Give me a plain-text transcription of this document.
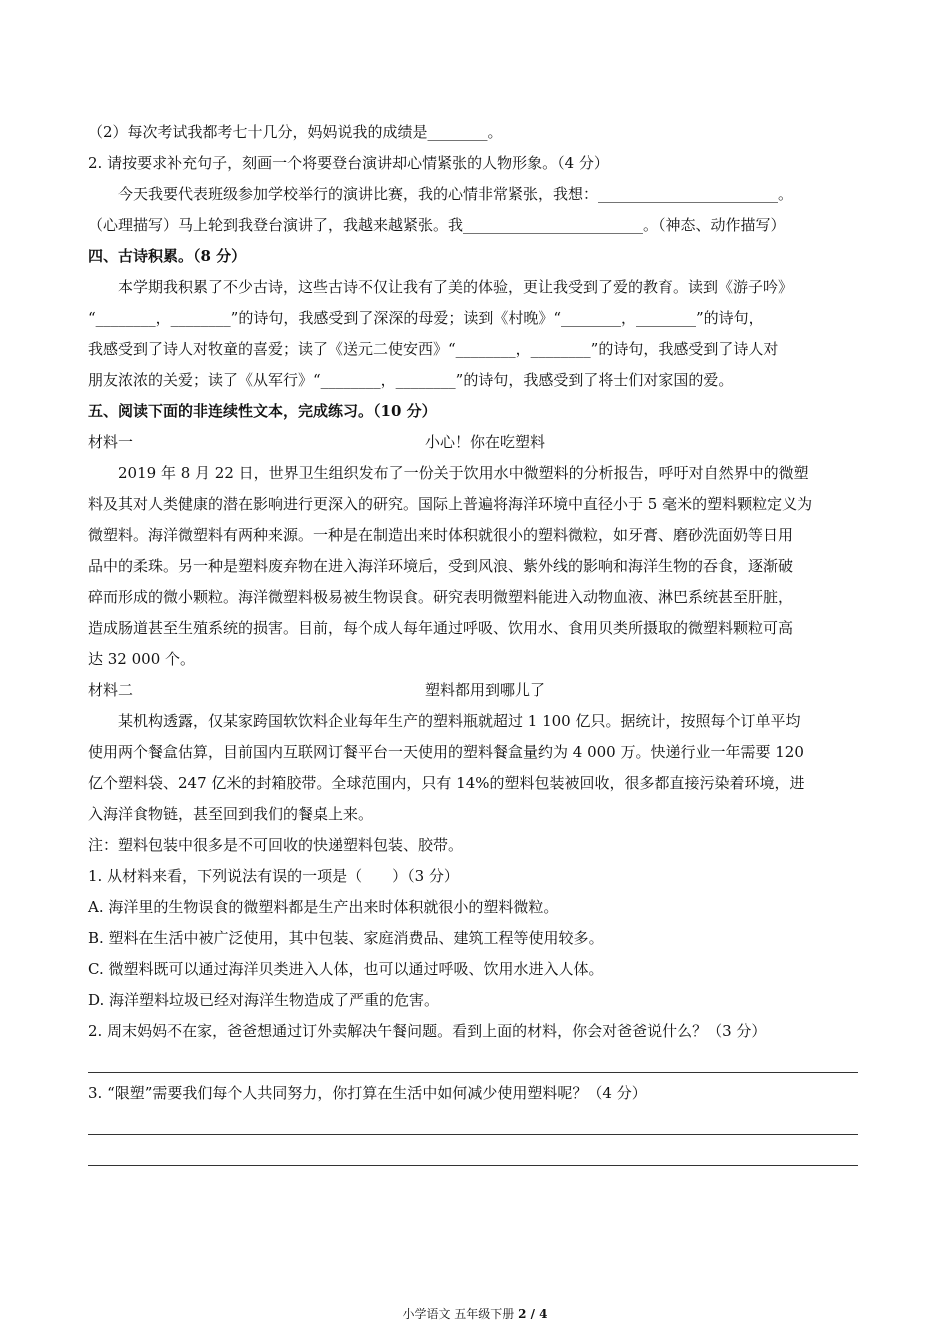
（2）每次考试我都考七十几分，妈妈说我的成绩是________。
2. 请按要求补充句子，刻画一个将要登台演讲却心情紧张的人物形象。（4 分）
今天我要代表班级参加学校举行的演讲比赛，我的心情非常紧张，我想：________________________。
（心理描写）马上轮到我登台演讲了，我越来越紧张。我________________________。（神态、动作描写）
四、古诗积累。（8 分）
本学期我积累了不少古诗，这些古诗不仅让我有了美的体验，更让我受到了爱的教育。读到《游子吟》
“________，________”的诗句，我感受到了深深的母爱；读到《村晚》“________，________”的诗句，
我感受到了诗人对牧童的喜爱；读了《送元二使安西》“________，________”的诗句，我感受到了诗人对
朋友浓浓的关爱；读了《从军行》“________，________”的诗句，我感受到了将士们对家国的爱。
五、阅读下面的非连续性文本，完成练习。（10 分）
材料一	小心！你在吃塑料
2019 年 8 月 22 日，世界卫生组织发布了一份关于饮用水中微塑料的分析报告，呼吁对自然界中的微塑
料及其对人类健康的潜在影响进行更深入的研究。国际上普遍将海洋环境中直径小于 5 毫米的塑料颗粒定义为
微塑料。海洋微塑料有两种来源。一种是在制造出来时体积就很小的塑料微粒，如牙膏、磨砂洗面奶等日用
品中的柔珠。另一种是塑料废弃物在进入海洋环境后，受到风浪、紫外线的影响和海洋生物的吞食，逐渐破
碎而形成的微小颗粒。海洋微塑料极易被生物误食。研究表明微塑料能进入动物血液、淋巴系统甚至肝脏，
造成肠道甚至生殖系统的损害。目前，每个成人每年通过呼吸、饮用水、食用贝类所摄取的微塑料颗粒可高
达 32 000 个。
材料二	塑料都用到哪儿了
某机构透露，仅某家跨国软饮料企业每年生产的塑料瓶就超过 1 100 亿只。据统计，按照每个订单平均
使用两个餐盒估算，目前国内互联网订餐平台一天使用的塑料餐盒量约为 4 000 万。快递行业一年需要 120
亿个塑料袋、247 亿米的封箱胶带。全球范围内，只有 14%的塑料包装被回收，很多都直接污染着环境，进
入海洋食物链，甚至回到我们的餐桌上来。
注：塑料包装中很多是不可回收的快递塑料包装、胶带。
1. 从材料来看，下列说法有误的一项是（　　）（3 分）
A. 海洋里的生物误食的微塑料都是生产出来时体积就很小的塑料微粒。
B. 塑料在生活中被广泛使用，其中包装、家庭消费品、建筑工程等使用较多。
C. 微塑料既可以通过海洋贝类进入人体，也可以通过呼吸、饮用水进入人体。
D. 海洋塑料垃圾已经对海洋生物造成了严重的危害。
2. 周末妈妈不在家，爸爸想通过订外卖解决午餐问题。看到上面的材料，你会对爸爸说什么？（3 分）
3. “限塑”需要我们每个人共同努力，你打算在生活中如何减少使用塑料呢？（4 分）
小学语文 五年级下册 2 / 4
